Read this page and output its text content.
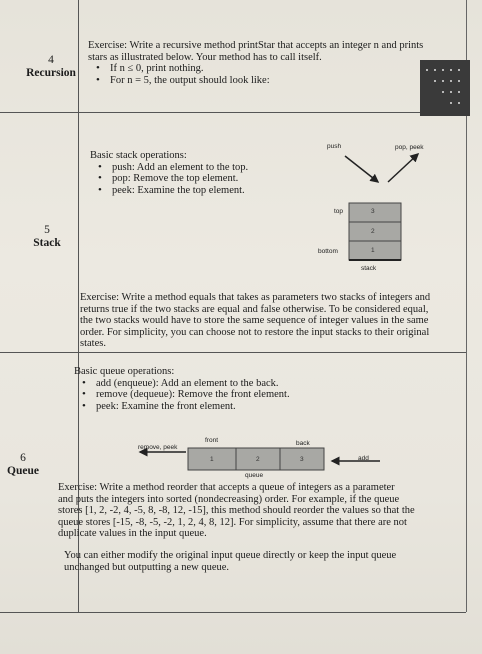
4
Recursion
5
Stack
6
Queue
Exercise: Write a recursive method printStar that accepts an integer n and prints
stars as illustrated below. Your method has to call itself.
• If n ≤ 0, print nothing.
• For n = 5, the output should look like:
Basic stack operations:
• push: Add an element to the top.
• pop: Remove the top element.
• peek: Examine the top element.
push	pop, peek
top
bottom
stack
3
2
1
Exercise: Write a method equals that takes as parameters two stacks of integers and
returns true if the two stacks are equal and false otherwise. To be considered equal,
the two stacks would have to store the same sequence of integer values in the same
order. For simplicity, you can choose not to restore the input stacks to their original
states.
Basic queue operations:
• add (enqueue): Add an element to the back.
• remove (dequeue): Remove the front element.
• peek: Examine the front element.
front	back
remove, peek
add
queue
1	2	3
Exercise: Write a method reorder that accepts a queue of integers as a parameter
and puts the integers into sorted (nondecreasing) order. For example, if the queue
stores [1, 2, -2, 4, -5, 8, -8, 12, -15], this method should reorder the values so that the
queue stores [-15, -8, -5, -2, 1, 2, 4, 8, 12]. For simplicity, assume that there are not
duplicate values in the input queue.
You can either modify the original input queue directly or keep the input queue
unchanged but outputting a new queue.
